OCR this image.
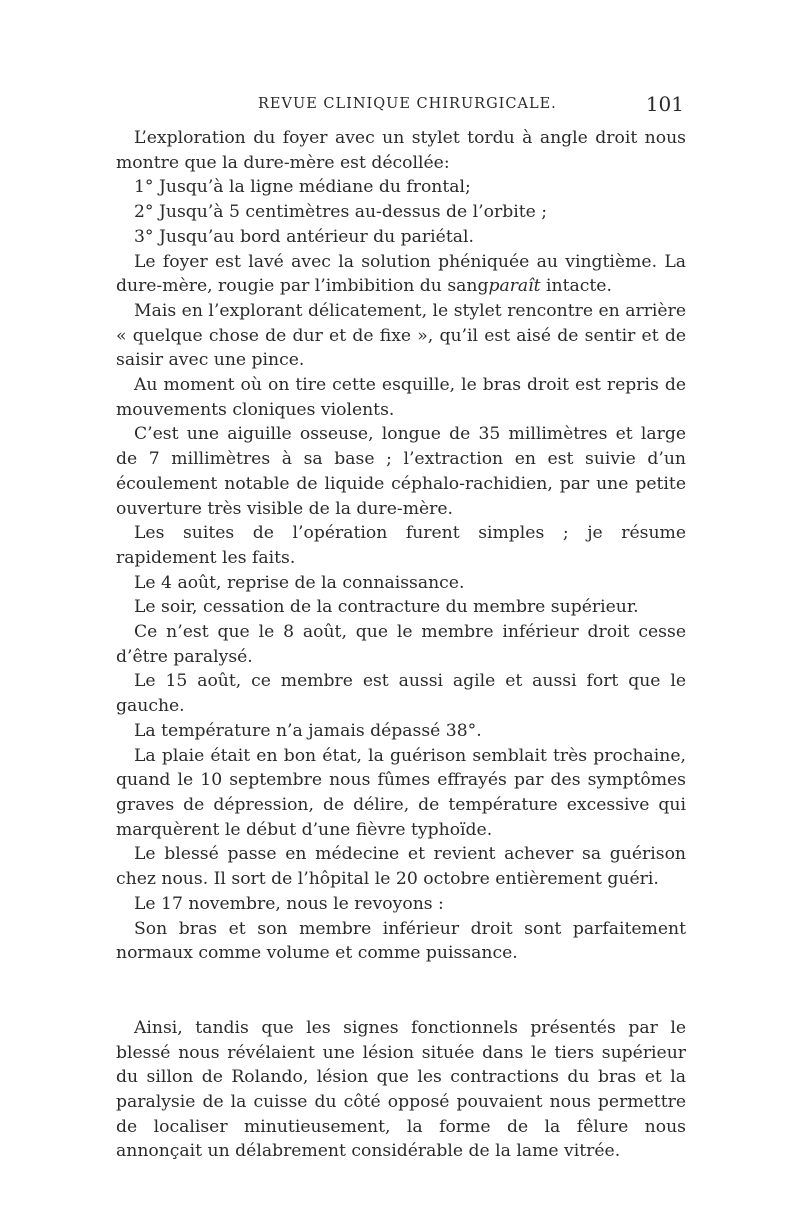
REVUE CLINIQUE CHIRURGICALE.	101

L’exploration du foyer avec un stylet tordu à angle droit nous montre que la dure-mère est décollée:

1° Jusqu’à la ligne médiane du frontal;

2° Jusqu’à 5 centimètres au-dessus de l’orbite ;

3° Jusqu’au bord antérieur du pariétal.

Le foyer est lavé avec la solution phéniquée au vingtième. La dure-mère, rougie par l’imbibition du sangparaît intacte.

Mais en l’explorant délicatement, le stylet rencontre en arrière « quelque chose de dur et de fixe », qu’il est aisé de sentir et de saisir avec une pince.

Au moment où on tire cette esquille, le bras droit est repris de mouvements cloniques violents.

C’est une aiguille osseuse, longue de 35 millimètres et large de 7 millimètres à sa base ; l’extraction en est suivie d’un écoulement notable de liquide céphalo-rachidien, par une petite ouverture très visible de la dure-mère.

Les suites de l’opération furent simples ; je résume rapidement les faits.

Le 4 août, reprise de la connaissance.

Le soir, cessation de la contracture du membre supérieur.

Ce n’est que le 8 août, que le membre inférieur droit cesse d’être paralysé.

Le 15 août, ce membre est aussi agile et aussi fort que le gauche.

La température n’a jamais dépassé 38°.

La plaie était en bon état, la guérison semblait très prochaine, quand le 10 septembre nous fûmes effrayés par des symptômes graves de dépression, de délire, de température excessive qui marquèrent le début d’une fièvre typhoïde.

Le blessé passe en médecine et revient achever sa guérison chez nous. Il sort de l’hôpital le 20 octobre entièrement guéri.

Le 17 novembre, nous le revoyons :

Son bras et son membre inférieur droit sont parfaitement normaux comme volume et comme puissance.

Ainsi, tandis que les signes fonctionnels présentés par le blessé nous révélaient une lésion située dans le tiers supérieur du sillon de Rolando, lésion que les contractions du bras et la paralysie de la cuisse du côté opposé pouvaient nous permettre de localiser minutieusement, la forme de la fêlure nous annonçait un délabrement considérable de la lame vitrée.
